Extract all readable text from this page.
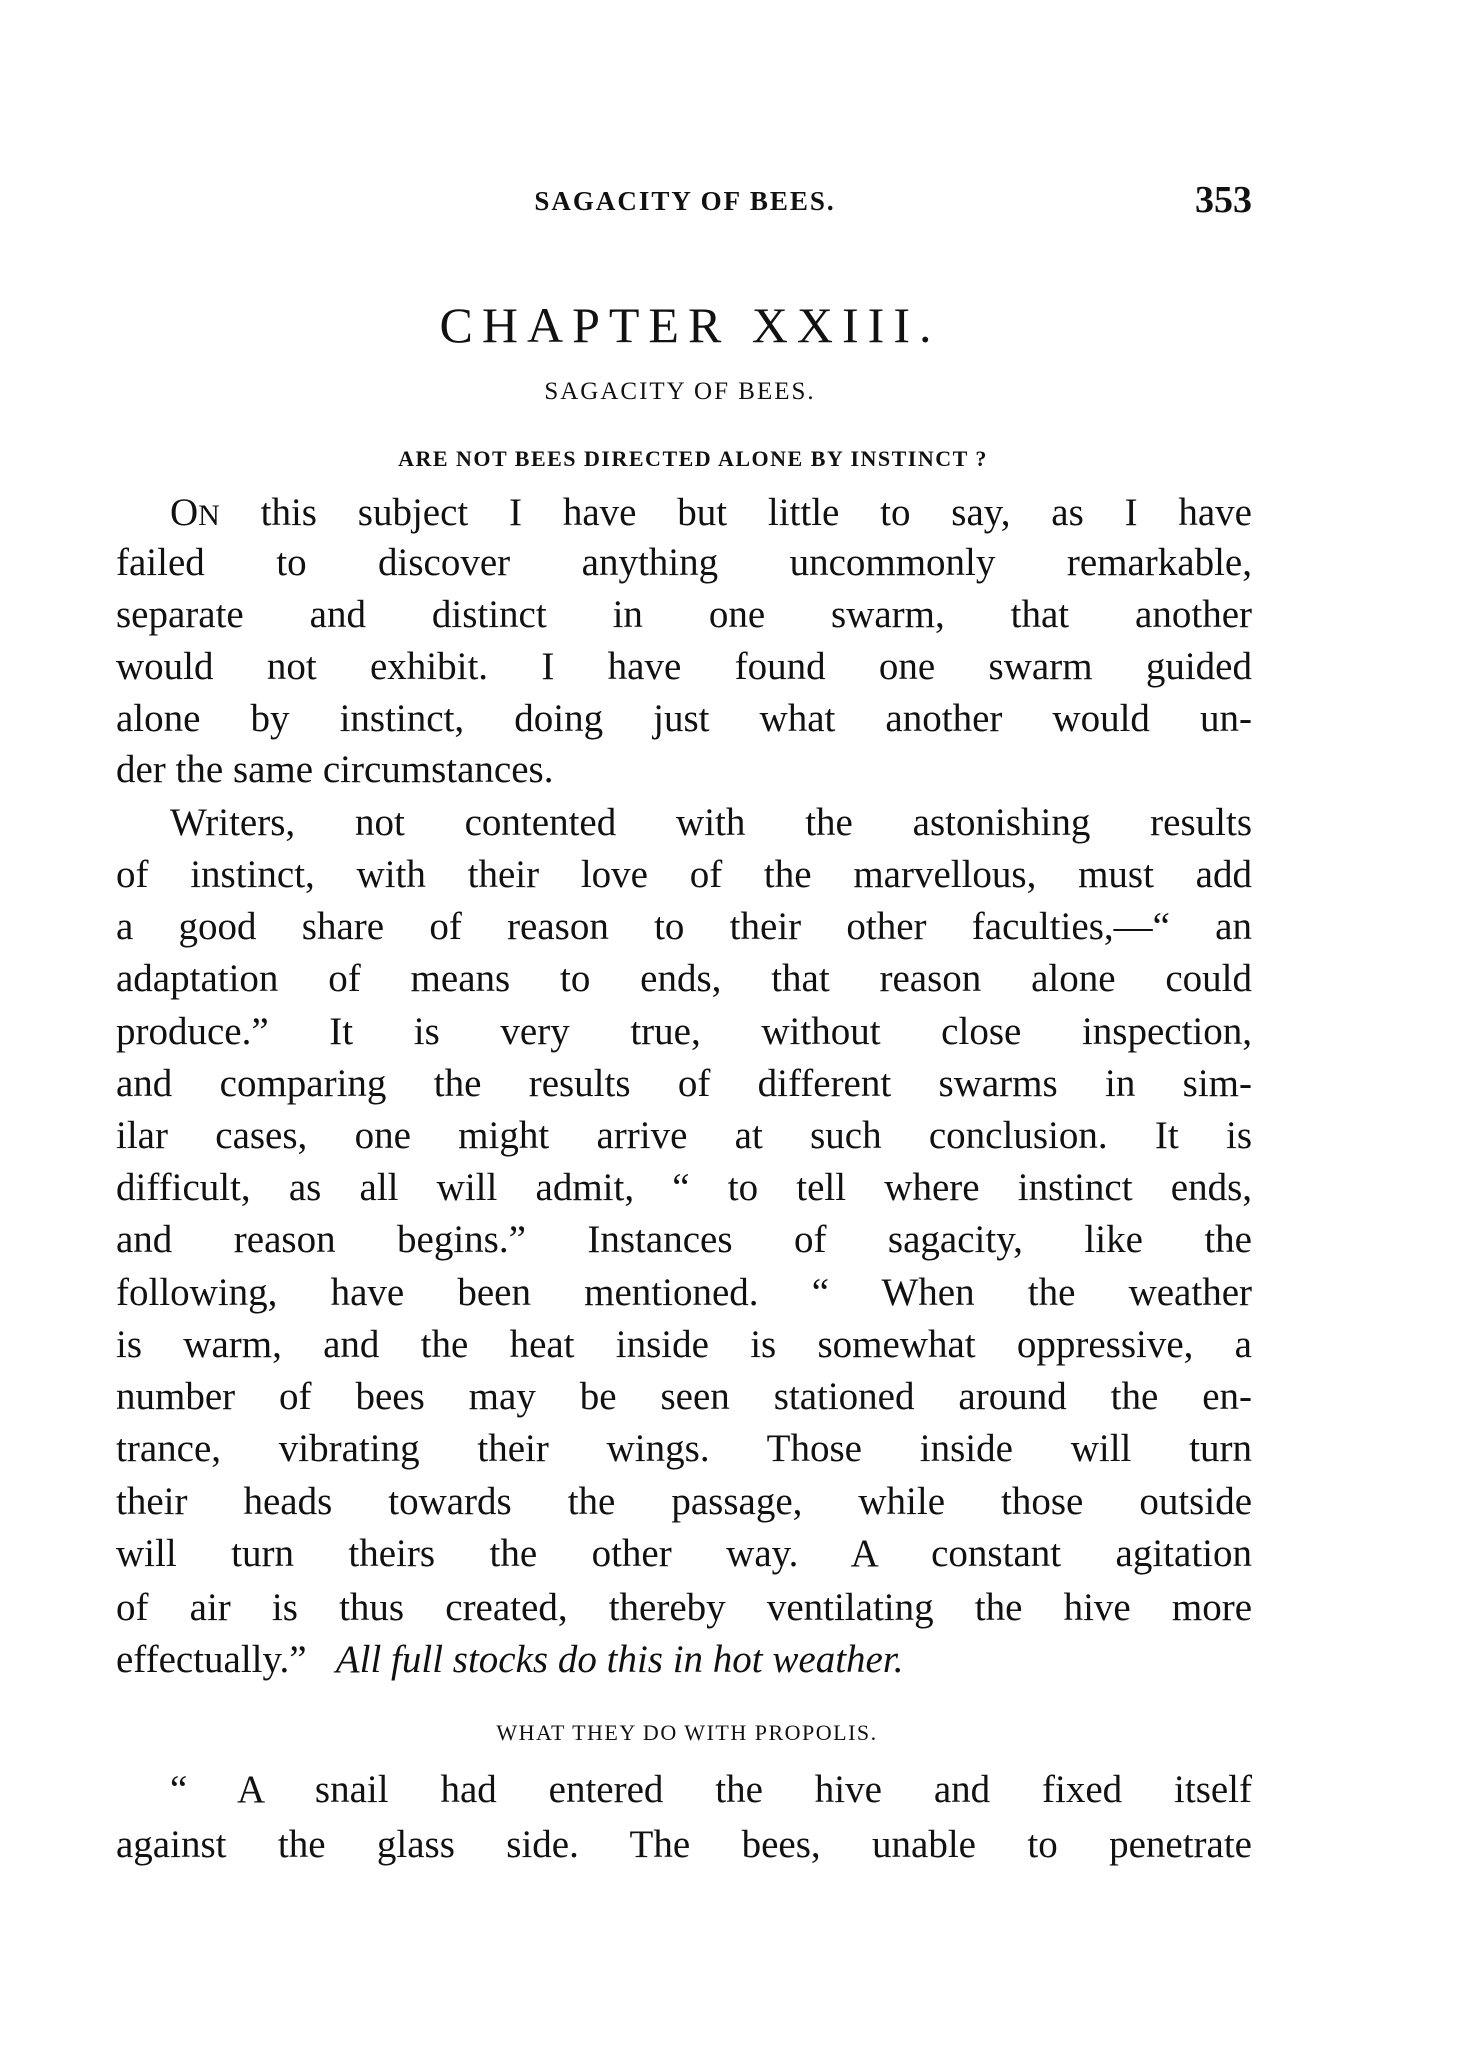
SAGACITY OF BEES.	353
CHAPTER XXIII.
SAGACITY OF BEES.
ARE NOT BEES DIRECTED ALONE BY INSTINCT ?
ON this subject I have but little to say, as I have
failed to discover anything uncommonly remarkable,
separate and distinct in one swarm, that another
would not exhibit. I have found one swarm guided
alone by instinct, doing just what another would un-
der the same circumstances.
Writers, not contented with the astonishing results
of instinct, with their love of the marvellous, must add
a good share of reason to their other faculties,—“ an
adaptation of means to ends, that reason alone could
produce.” It is very true, without close inspection,
and comparing the results of different swarms in sim-
ilar cases, one might arrive at such conclusion. It is
difficult, as all will admit, “ to tell where instinct ends,
and reason begins.” Instances of sagacity, like the
following, have been mentioned. “ When the weather
is warm, and the heat inside is somewhat oppressive, a
number of bees may be seen stationed around the en-
trance, vibrating their wings. Those inside will turn
their heads towards the passage, while those outside
will turn theirs the other way. A constant agitation
of air is thus created, thereby ventilating the hive more
“ A snail had entered the hive and fixed itself
against the glass side. The bees, unable to penetrate
effectually.” All full stocks do this in hot weather.
WHAT THEY DO WITH PROPOLIS.
